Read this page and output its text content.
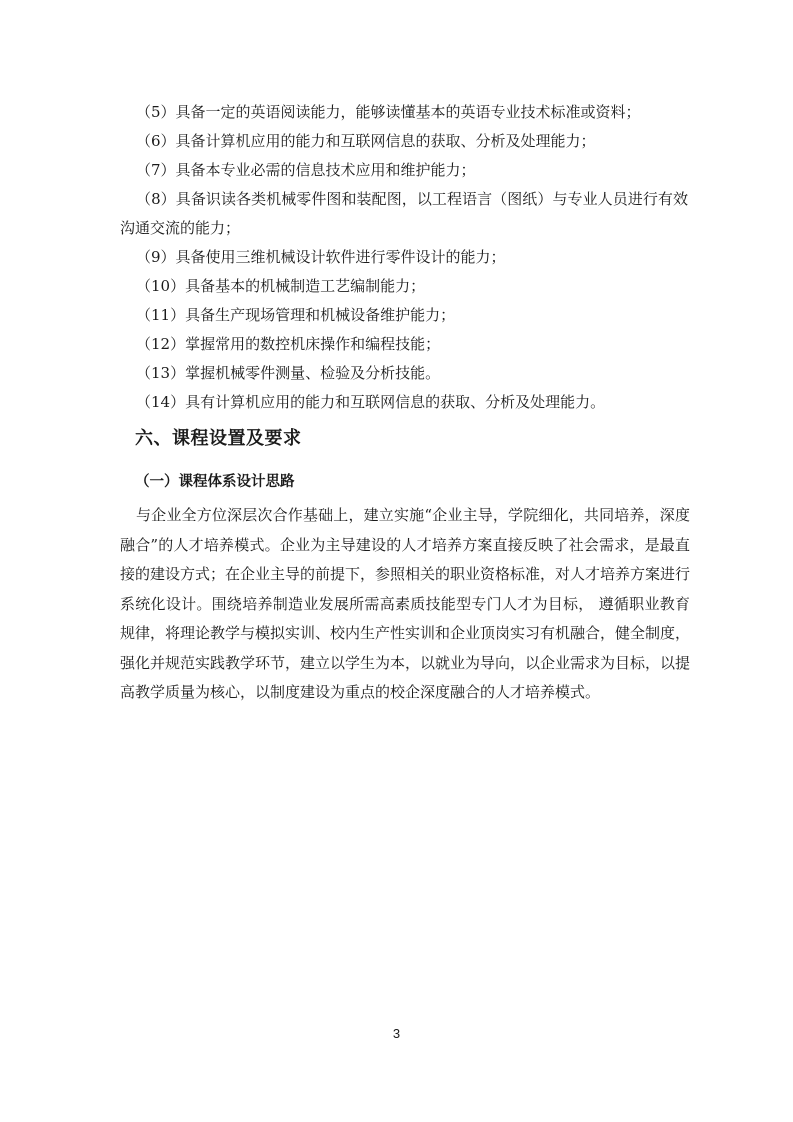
（5）具备一定的英语阅读能力，能够读懂基本的英语专业技术标准或资料；

（6）具备计算机应用的能力和互联网信息的获取、分析及处理能力；

（7）具备本专业必需的信息技术应用和维护能力；

（8）具备识读各类机械零件图和装配图，以工程语言（图纸）与专业人员进行有效沟通交流的能力；

（9）具备使用三维机械设计软件进行零件设计的能力；

（10）具备基本的机械制造工艺编制能力；

（11）具备生产现场管理和机械设备维护能力；

（12）掌握常用的数控机床操作和编程技能；

（13）掌握机械零件测量、检验及分析技能。

（14）具有计算机应用的能力和互联网信息的获取、分析及处理能力。

六、课程设置及要求
（一）课程体系设计思路

与企业全方位深层次合作基础上，建立实施“企业主导，学院细化，共同培养，深度融合”的人才培养模式。企业为主导建设的人才培养方案直接反映了社会需求，是最直接的建设方式；在企业主导的前提下，参照相关的职业资格标准，对人才培养方案进行系统化设计。围绕培养制造业发展所需高素质技能型专门人才为目标， 遵循职业教育规律，将理论教学与模拟实训、校内生产性实训和企业顶岗实习有机融合，健全制度，强化并规范实践教学环节，建立以学生为本，以就业为导向，以企业需求为目标，以提高教学质量为核心，以制度建设为重点的校企深度融合的人才培养模式。

3
